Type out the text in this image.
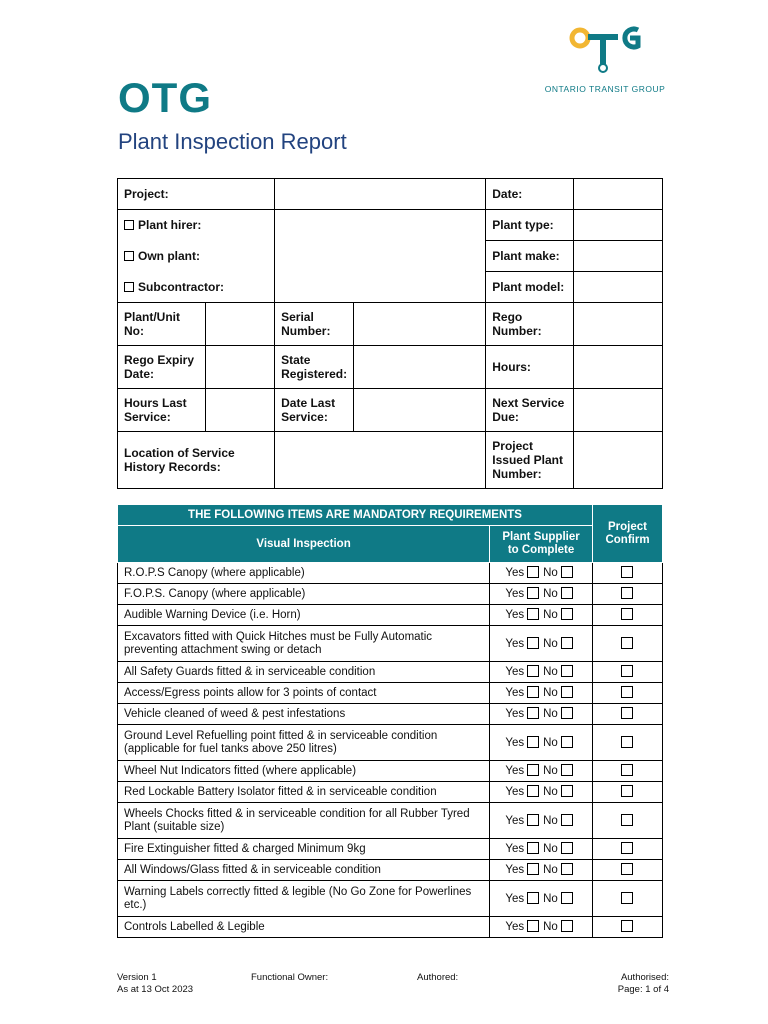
OTG
Plant Inspection Report
ONTARIO TRANSIT GROUP
Project:				Date:	
Plant hirer:				Plant type:	
Own plant:				Plant make:	
Subcontractor:				Plant model:	
Plant/Unit No:		Serial Number:		Rego Number:	
Rego Expiry Date:		State Registered:		Hours:	
Hours Last Service:		Date Last Service:		Next Service Due:	
Location of Service History Records:				Project Issued Plant Number:	
THE FOLLOWING ITEMS ARE MANDATORY REQUIREMENTS		Project Confirm
Visual Inspection	Plant Supplier to Complete	
R.O.P.S Canopy (where applicable)	Yes No	
F.O.P.S. Canopy (where applicable)	Yes No	
Audible Warning Device (i.e. Horn)	Yes No	
Excavators fitted with Quick Hitches must be Fully Automatic preventing attachment swing or detach	Yes No	
All Safety Guards fitted & in serviceable condition	Yes No	
Access/Egress points allow for 3 points of contact	Yes No	
Vehicle cleaned of weed & pest infestations	Yes No	
Ground Level Refuelling point fitted & in serviceable condition (applicable for fuel tanks above 250 litres)	Yes No	
Wheel Nut Indicators fitted (where applicable)	Yes No	
Red Lockable Battery Isolator fitted & in serviceable condition	Yes No	
Wheels Chocks fitted & in serviceable condition for all Rubber Tyred Plant (suitable size)	Yes No	
Fire Extinguisher fitted & charged Minimum 9kg	Yes No	
All Windows/Glass fitted & in serviceable condition	Yes No	
Warning Labels correctly fitted & legible (No Go Zone for Powerlines etc.)	Yes No	
Controls Labelled & Legible	Yes No	
Version 1
As at 13 Oct 2023
Functional Owner:	Authored:	Authorised:
Page: 1 of 4
